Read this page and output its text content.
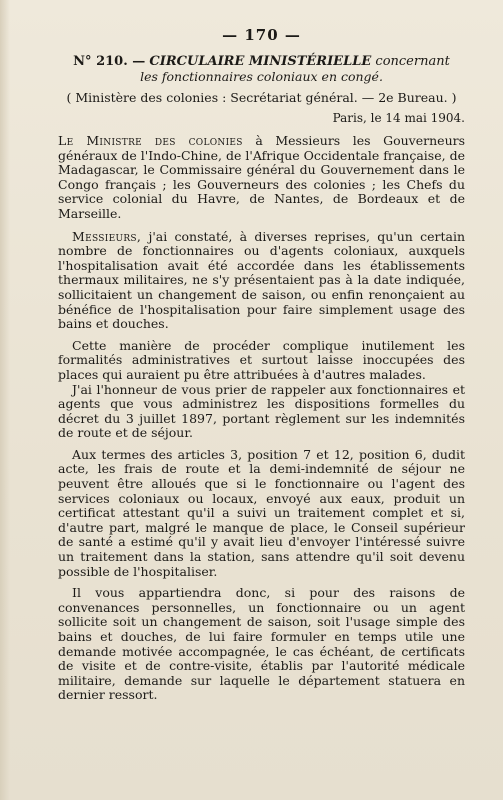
— 170 —
N° 210. — CIRCULAIRE MINISTÉRIELLE concernant
les fonctionnaires coloniaux en congé.
( Ministère des colonies : Secrétariat général. — 2e Bureau. )
Paris, le 14 mai 1904.
Le Ministre des colonies à Messieurs les Gouverneurs généraux de l'Indo-Chine, de l'Afrique Occidentale française, de Madagascar, le Commissaire général du Gouvernement dans le Congo français ; les Gouverneurs des colonies ; les Chefs du service colonial du Havre, de Nantes, de Bordeaux et de Marseille.

Messieurs, j'ai constaté, à diverses reprises, qu'un certain nombre de fonctionnaires ou d'agents coloniaux, auxquels l'hospitalisation avait été accordée dans les établissements thermaux militaires, ne s'y présentaient pas à la date indiquée, sollicitaient un changement de saison, ou enfin renonçaient au bénéfice de l'hospitalisation pour faire simplement usage des bains et douches.

Cette manière de procéder complique inutilement les formalités administratives et surtout laisse inoccupées des places qui auraient pu être attribuées à d'autres malades.

J'ai l'honneur de vous prier de rappeler aux fonctionnaires et agents que vous administrez les dispositions formelles du décret du 3 juillet 1897, portant règlement sur les indemnités de route et de séjour.

Aux termes des articles 3, position 7 et 12, position 6, dudit acte, les frais de route et la demi-indemnité de séjour ne peuvent être alloués que si le fonctionnaire ou l'agent des services coloniaux ou locaux, envoyé aux eaux, produit un certificat attestant qu'il a suivi un traitement complet et si, d'autre part, malgré le manque de place, le Conseil supérieur de santé a estimé qu'il y avait lieu d'envoyer l'intéressé suivre un traitement dans la station, sans attendre qu'il soit devenu possible de l'hospitaliser.

Il vous appartiendra donc, si pour des raisons de convenances personnelles, un fonctionnaire ou un agent sollicite soit un changement de saison, soit l'usage simple des bains et douches, de lui faire formuler en temps utile une demande motivée accompagnée, le cas échéant, de certificats de visite et de contre-visite, établis par l'autorité médicale militaire, demande sur laquelle le département statuera en dernier ressort.
